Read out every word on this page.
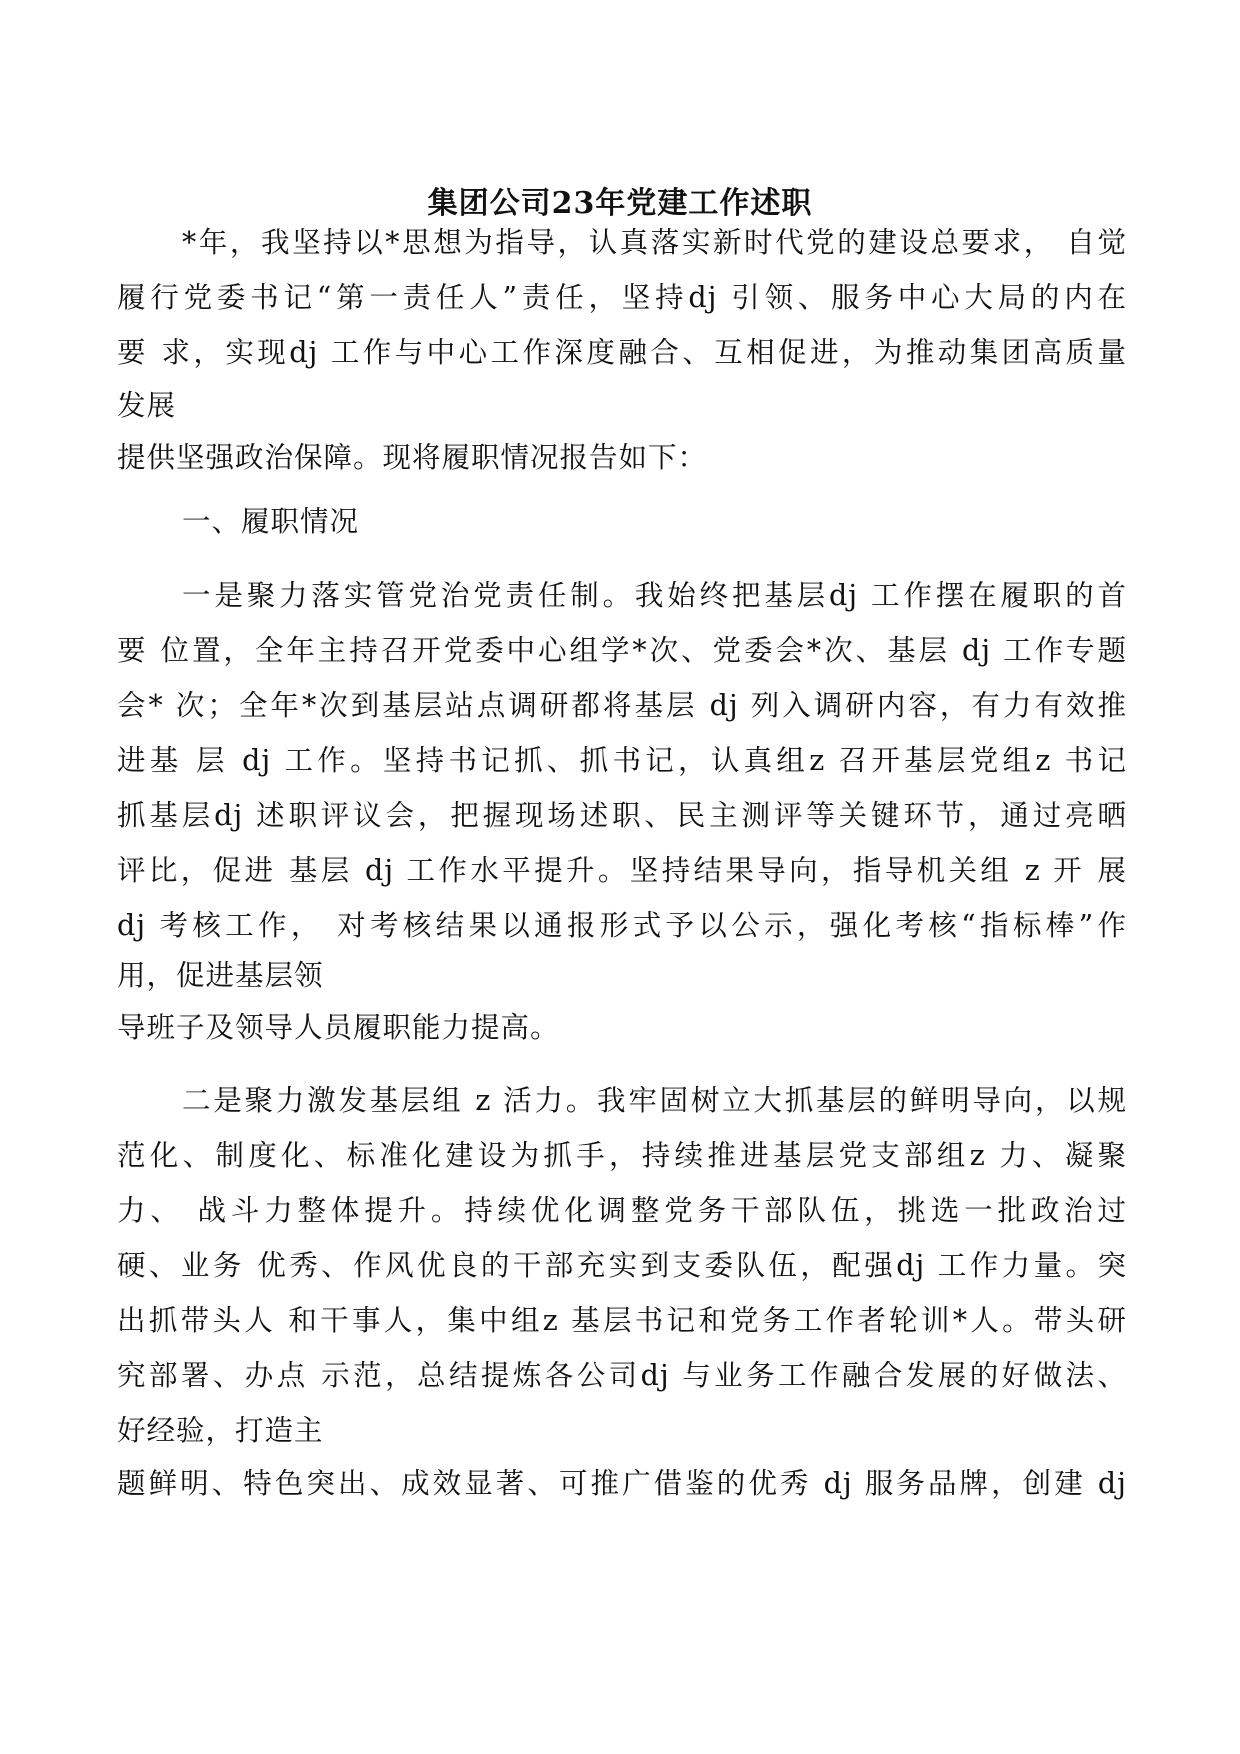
集团公司23年党建工作述职
*年，我坚持以*思想为指导，认真落实新时代党的建设总要求， 自觉
履行党委书记“第一责任人”责任，坚持dj 引领、服务中心大局的内在
要 求，实现dj 工作与中心工作深度融合、互相促进，为推动集团高质量
发展
提供坚强政治保障。现将履职情况报告如下：
一、履职情况
一是聚力落实管党治党责任制。我始终把基层dj 工作摆在履职的首
要 位置，全年主持召开党委中心组学*次、党委会*次、基层 dj 工作专题
会* 次；全年*次到基层站点调研都将基层 dj 列入调研内容，有力有效推
进基 层 dj 工作。坚持书记抓、抓书记，认真组z 召开基层党组z 书记
抓基层dj 述职评议会，把握现场述职、民主测评等关键环节，通过亮晒
评比，促进 基层 dj 工作水平提升。坚持结果导向，指导机关组 z 开 展
dj 考核工作， 对考核结果以通报形式予以公示，强化考核“指标棒”作
用，促进基层领
导班子及领导人员履职能力提高。
二是聚力激发基层组 z 活力。我牢固树立大抓基层的鲜明导向，以规
范化、制度化、标准化建设为抓手，持续推进基层党支部组z 力、凝聚
力、 战斗力整体提升。持续优化调整党务干部队伍，挑选一批政治过
硬、业务 优秀、作风优良的干部充实到支委队伍，配强dj 工作力量。突
出抓带头人 和干事人，集中组z 基层书记和党务工作者轮训*人。带头研
究部署、办点 示范，总结提炼各公司dj 与业务工作融合发展的好做法、
好经验，打造主
题鲜明、特色突出、成效显著、可推广借鉴的优秀 dj 服务品牌，创建 dj
